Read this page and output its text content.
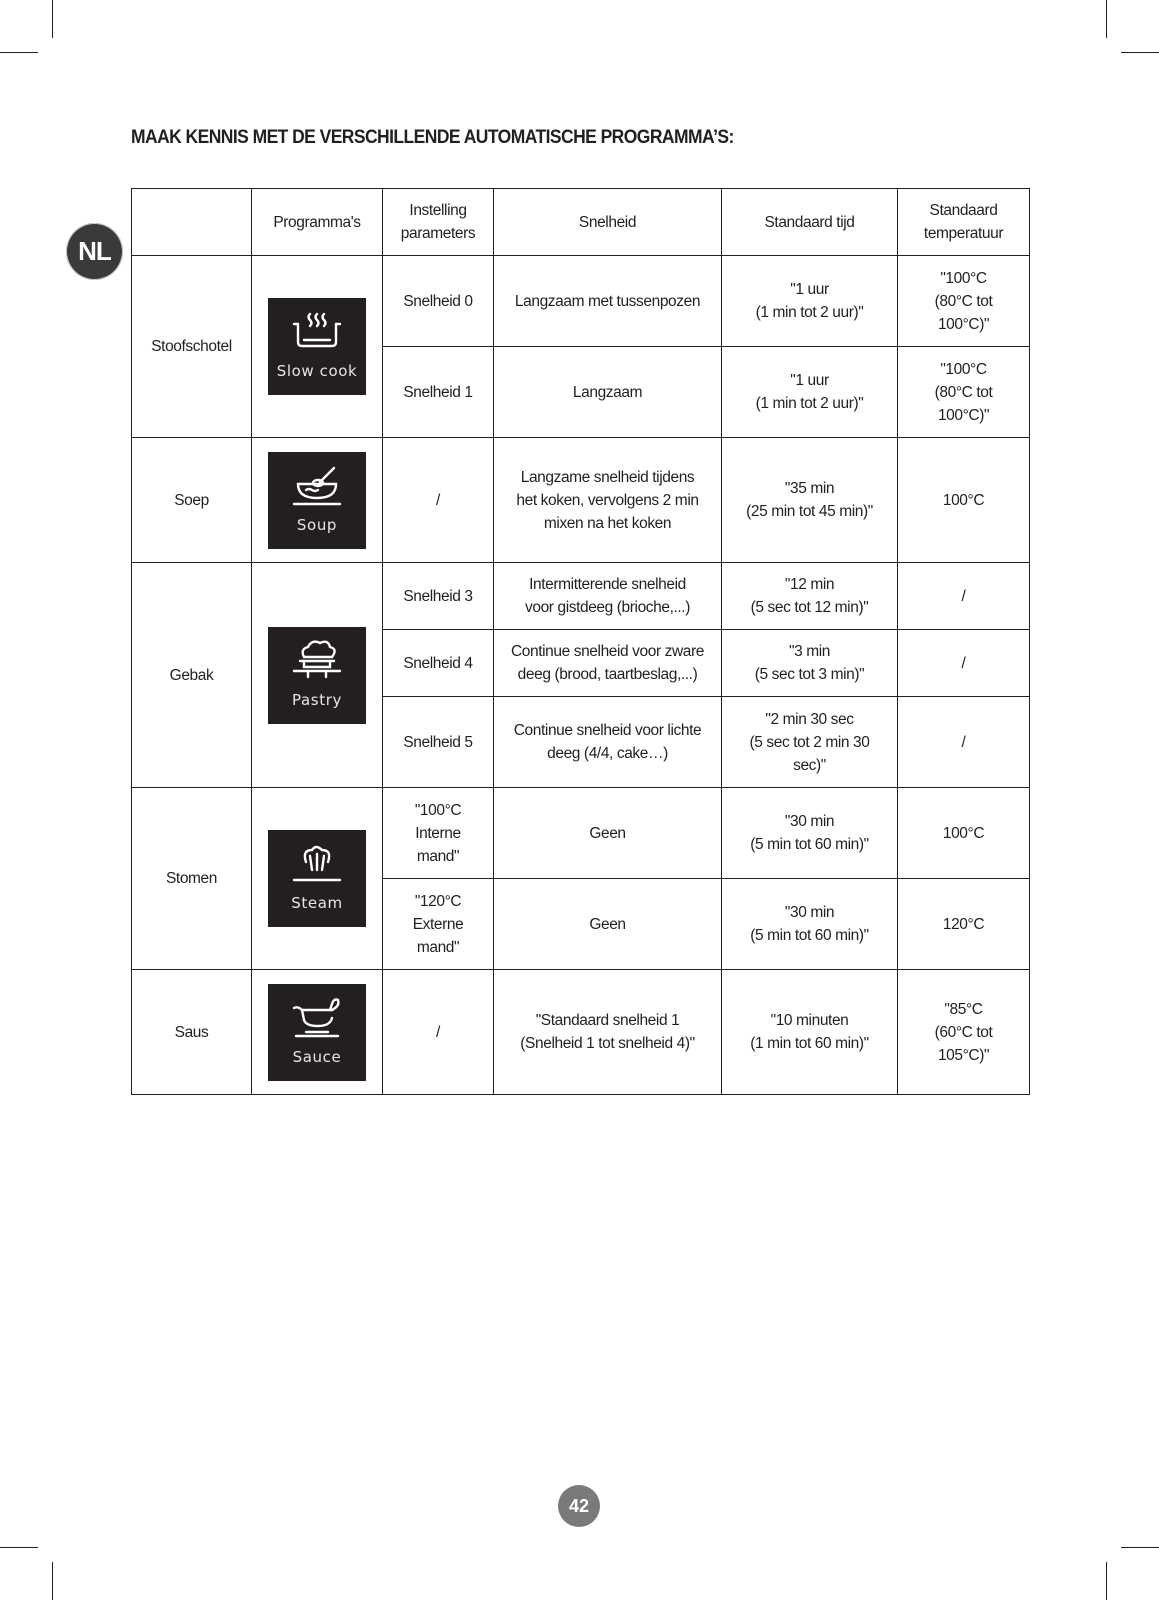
MAAK KENNIS MET DE VERSCHILLENDE AUTOMATISCHE PROGRAMMA’S:
NL
	Programma's	Instelling
parameters	Snelheid	Standaard tijd	Standaard
temperatuur
Stoofschotel	Slow cook	Snelheid 0	Langzaam met tussenpozen	"1 uur
(1 min tot 2 uur)"	"100°C
(80°C tot
100°C)"
		Snelheid 1	Langzaam	"1 uur
(1 min tot 2 uur)"	"100°C
(80°C tot
100°C)"
Soep	Soup	/	Langzame snelheid tijdens
het koken, vervolgens 2 min
mixen na het koken	"35 min
(25 min tot 45 min)"	100°C
Gebak	Pastry	Snelheid 3	Intermitterende snelheid
voor gistdeeg (brioche,...)	"12 min
(5 sec tot 12 min)"	/
		Snelheid 4	Continue snelheid voor zware
deeg (brood, taartbeslag,...)	"3 min
(5 sec tot 3 min)"	/
		Snelheid 5	Continue snelheid voor lichte
deeg (4/4, cake…)	"2 min 30 sec
(5 sec tot 2 min 30
sec)"	/
Stomen	Steam	"100°C
Interne
mand"	Geen	"30 min
(5 min tot 60 min)"	100°C
		"120°C
Externe
mand"	Geen	"30 min
(5 min tot 60 min)"	120°C
Saus	Sauce	/	"Standaard snelheid 1
(Snelheid 1 tot snelheid 4)"	"10 minuten
(1 min tot 60 min)"	"85°C
(60°C tot
105°C)"
42
